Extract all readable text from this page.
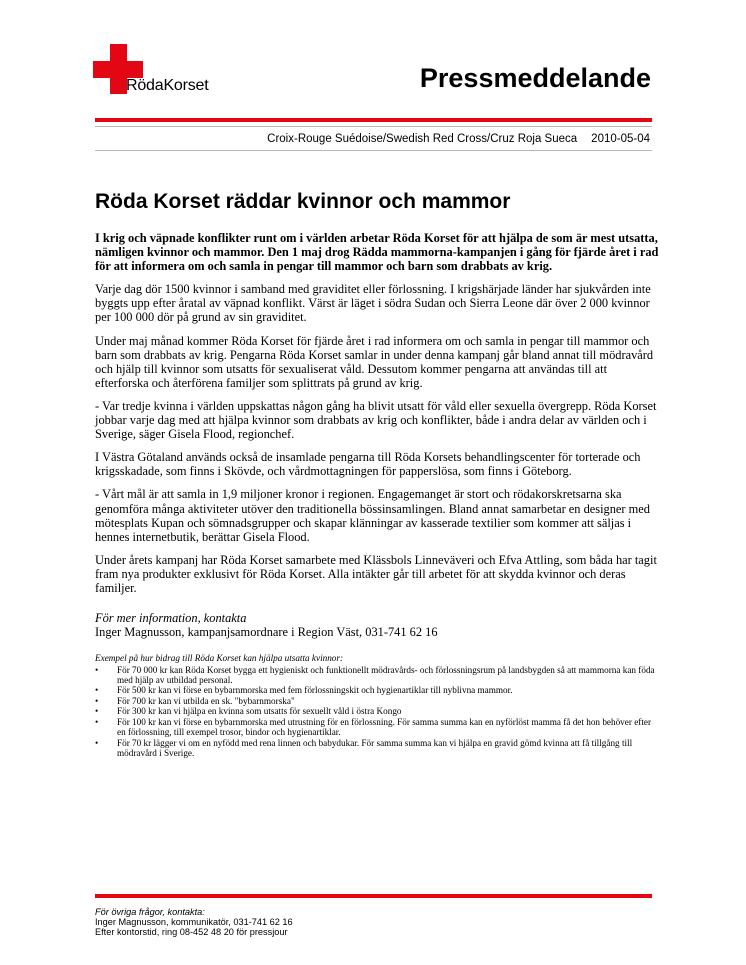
RödaKorset	Pressmeddelande
Croix-Rouge Suédoise/Swedish Red Cross/Cruz Roja Sueca 2010-05-04
Röda Korset räddar kvinnor och mammor

I krig och väpnade konflikter runt om i världen arbetar Röda Korset för att hjälpa de som är mest utsatta, nämligen kvinnor och mammor. Den 1 maj drog Rädda mammorna-kampanjen i gång för fjärde året i rad för att informera om och samla in pengar till mammor och barn som drabbats av krig.

Varje dag dör 1500 kvinnor i samband med graviditet eller förlossning. I krigshärjade länder har sjukvården inte byggts upp efter åratal av väpnad konflikt. Värst är läget i södra Sudan och Sierra Leone där över 2 000 kvinnor per 100 000 dör på grund av sin graviditet.

Under maj månad kommer Röda Korset för fjärde året i rad informera om och samla in pengar till mammor och barn som drabbats av krig. Pengarna Röda Korset samlar in under denna kampanj går bland annat till mödravård och hjälp till kvinnor som utsatts för sexualiserat våld. Dessutom kommer pengarna att användas till att efterforska och återförena familjer som splittrats på grund av krig.

- Var tredje kvinna i världen uppskattas någon gång ha blivit utsatt för våld eller sexuella övergrepp. Röda Korset jobbar varje dag med att hjälpa kvinnor som drabbats av krig och konflikter, både i andra delar av världen och i Sverige, säger Gisela Flood, regionchef.

I Västra Götaland används också de insamlade pengarna till Röda Korsets behandlingscenter för torterade och krigsskadade, som finns i Skövde, och vårdmottagningen för papperslösa, som finns i Göteborg.

- Vårt mål är att samla in 1,9 miljoner kronor i regionen. Engagemanget är stort och rödakorskretsarna ska genomföra många aktiviteter utöver den traditionella bössinsamlingen. Bland annat samarbetar en designer med mötesplats Kupan och sömnadsgrupper och skapar klänningar av kasserade textilier som kommer att säljas i hennes internetbutik, berättar Gisela Flood.

Under årets kampanj har Röda Korset samarbete med Klässbols Linneväveri och Efva Attling, som båda har tagit fram nya produkter exklusivt för Röda Korset. Alla intäkter går till arbetet för att skydda kvinnor och deras familjer.

För mer information, kontakta
Inger Magnusson, kampanjsamordnare i Region Väst, 031-741 62 16
Exempel på hur bidrag till Röda Korset kan hjälpa utsatta kvinnor:
• För 70 000 kr kan Röda Korset bygga ett hygieniskt och funktionellt mödravårds- och förlossningsrum på landsbygden så att mammorna kan föda med hjälp av utbildad personal.
• För 500 kr kan vi förse en bybarnmorska med fem förlossningskit och hygienartiklar till nyblivna mammor.
• För 700 kr kan vi utbilda en sk. "bybarnmorska"
• För 300 kr kan vi hjälpa en kvinna som utsatts för sexuellt våld i östra Kongo
• För 100 kr kan vi förse en bybarnmorska med utrustning för en förlossning. För samma summa kan en nyförlöst mamma få det hon behöver efter en förlossning, till exempel trosor, bindor och hygienartiklar.
• För 70 kr lägger vi om en nyfödd med rena linnen och babydukar. För samma summa kan vi hjälpa en gravid gömd kvinna att få tillgång till mödravård i Sverige.
För övriga frågor, kontakta:
Inger Magnusson, kommunikatör, 031-741 62 16
Efter kontorstid, ring 08-452 48 20 för pressjour
